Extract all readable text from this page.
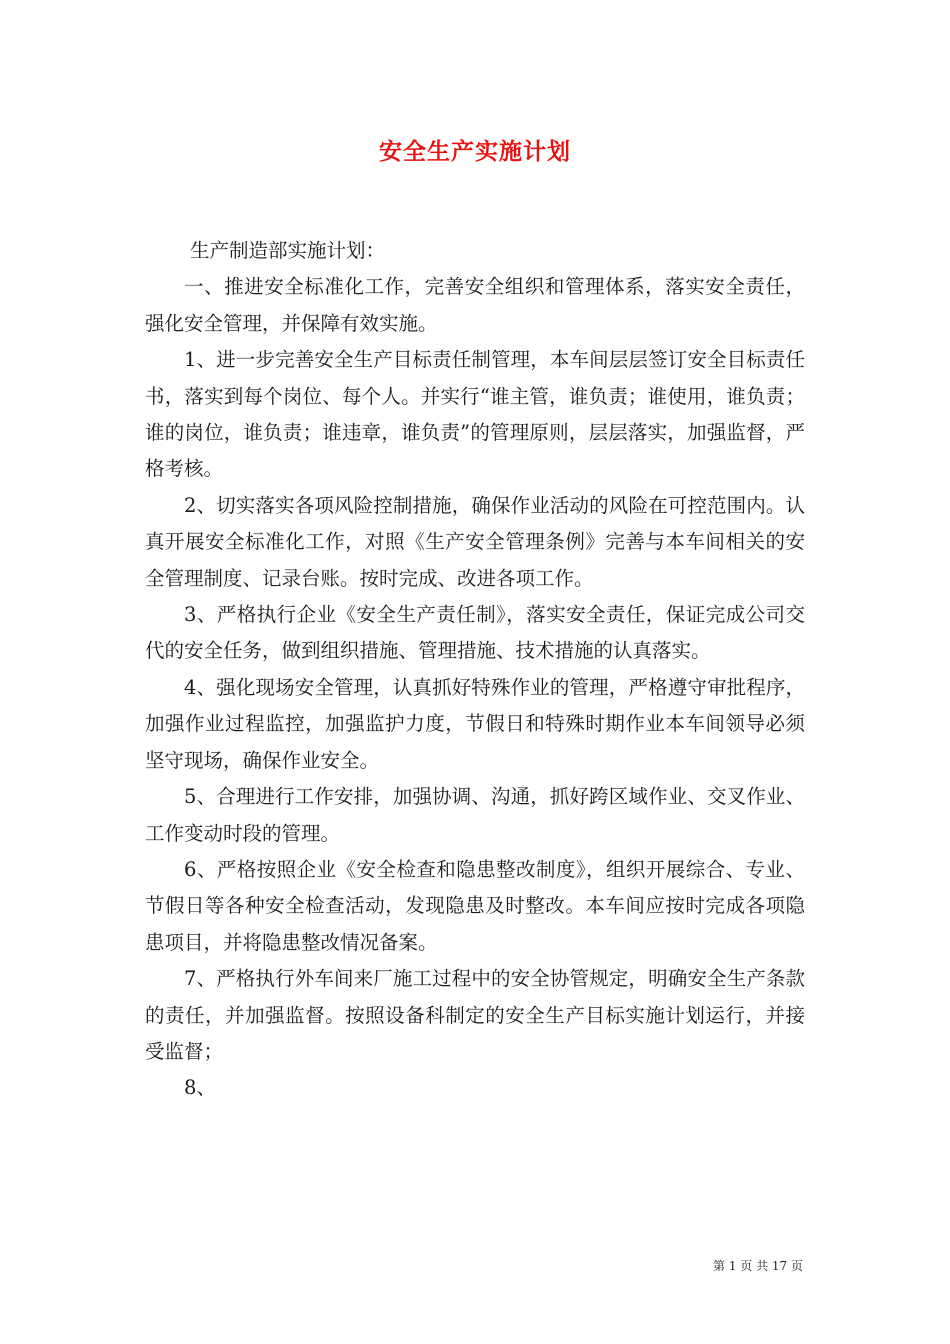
安全生产实施计划

生产制造部实施计划：

一、推进安全标准化工作，完善安全组织和管理体系，落实安全责任，强化安全管理，并保障有效实施。

1、进一步完善安全生产目标责任制管理，本车间层层签订安全目标责任书，落实到每个岗位、每个人。并实行“谁主管，谁负责；谁使用，谁负责；谁的岗位，谁负责；谁违章，谁负责”的管理原则，层层落实，加强监督，严格考核。

2、切实落实各项风险控制措施，确保作业活动的风险在可控范围内。认真开展安全标准化工作，对照《生产安全管理条例》完善与本车间相关的安全管理制度、记录台账。按时完成、改进各项工作。

3、严格执行企业《安全生产责任制》，落实安全责任，保证完成公司交代的安全任务，做到组织措施、管理措施、技术措施的认真落实。

4、强化现场安全管理，认真抓好特殊作业的管理，严格遵守审批程序，加强作业过程监控，加强监护力度，节假日和特殊时期作业本车间领导必须坚守现场，确保作业安全。

5、合理进行工作安排，加强协调、沟通，抓好跨区域作业、交叉作业、工作变动时段的管理。

6、严格按照企业《安全检查和隐患整改制度》，组织开展综合、专业、节假日等各种安全检查活动，发现隐患及时整改。本车间应按时完成各项隐患项目，并将隐患整改情况备案。

7、严格执行外车间来厂施工过程中的安全协管规定，明确安全生产条款的责任，并加强监督。按照设备科制定的安全生产目标实施计划运行，并接受监督；

8、

第 1 页 共 17 页
